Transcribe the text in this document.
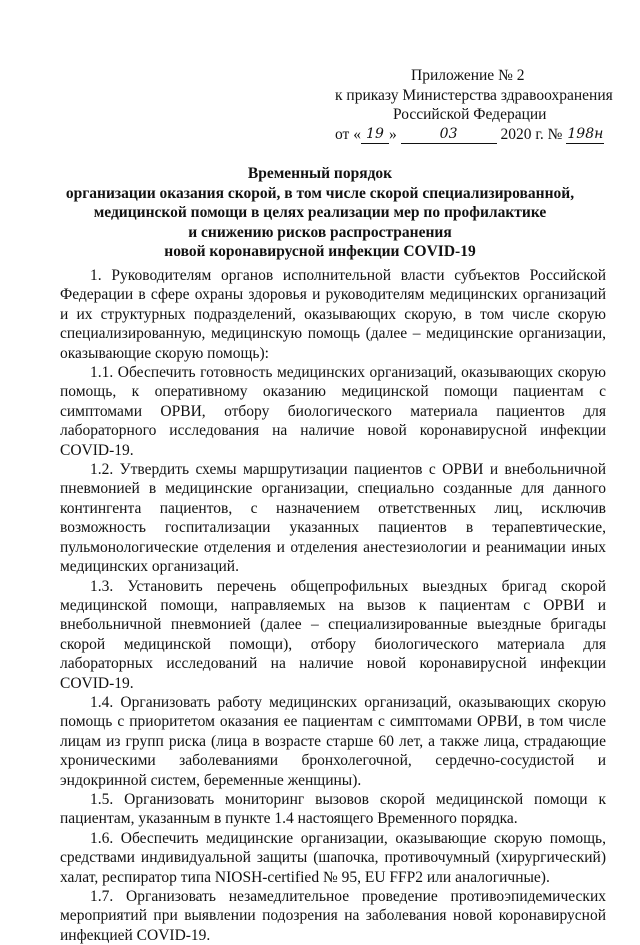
Приложение № 2
к приказу Министерства здравоохранения
Российской Федерации
от « 19 »	03	2020 г. № 198н
Временный порядок
организации оказания скорой, в том числе скорой специализированной,
медицинской помощи в целях реализации мер по профилактике
и снижению рисков распространения
новой коронавирусной инфекции COVID-19

1. Руководителям органов исполнительной власти субъектов Российской Федерации в сфере охраны здоровья и руководителям медицинских организаций и их структурных подразделений, оказывающих скорую, в том числе скорую специализированную, медицинскую помощь (далее – медицинские организации, оказывающие скорую помощь):

1.1. Обеспечить готовность медицинских организаций, оказывающих скорую помощь, к оперативному оказанию медицинской помощи пациентам с симптомами ОРВИ, отбору биологического материала пациентов для лабораторного исследования на наличие новой коронавирусной инфекции COVID-19.

1.2. Утвердить схемы маршрутизации пациентов с ОРВИ и внебольничной пневмонией в медицинские организации, специально созданные для данного контингента пациентов, с назначением ответственных лиц, исключив возможность госпитализации указанных пациентов в терапевтические, пульмонологические отделения и отделения анестезиологии и реанимации иных медицинских организаций.

1.3. Установить перечень общепрофильных выездных бригад скорой медицинской помощи, направляемых на вызов к пациентам с ОРВИ и внебольничной пневмонией (далее – специализированные выездные бригады скорой медицинской помощи), отбору биологического материала для лабораторных исследований на наличие новой коронавирусной инфекции COVID-19.

1.4. Организовать работу медицинских организаций, оказывающих скорую помощь с приоритетом оказания ее пациентам с симптомами ОРВИ, в том числе лицам из групп риска (лица в возрасте старше 60 лет, а также лица, страдающие хроническими заболеваниями бронхолегочной, сердечно-сосудистой и эндокринной систем, беременные женщины).

1.5. Организовать мониторинг вызовов скорой медицинской помощи к пациентам, указанным в пункте 1.4 настоящего Временного порядка.

1.6. Обеспечить медицинские организации, оказывающие скорую помощь, средствами индивидуальной защиты (шапочка, противочумный (хирургический) халат, респиратор типа NIOSH-certified № 95, EU FFP2 или аналогичные).

1.7. Организовать незамедлительное проведение противоэпидемических мероприятий при выявлении подозрения на заболевания новой коронавирусной инфекцией COVID-19.
